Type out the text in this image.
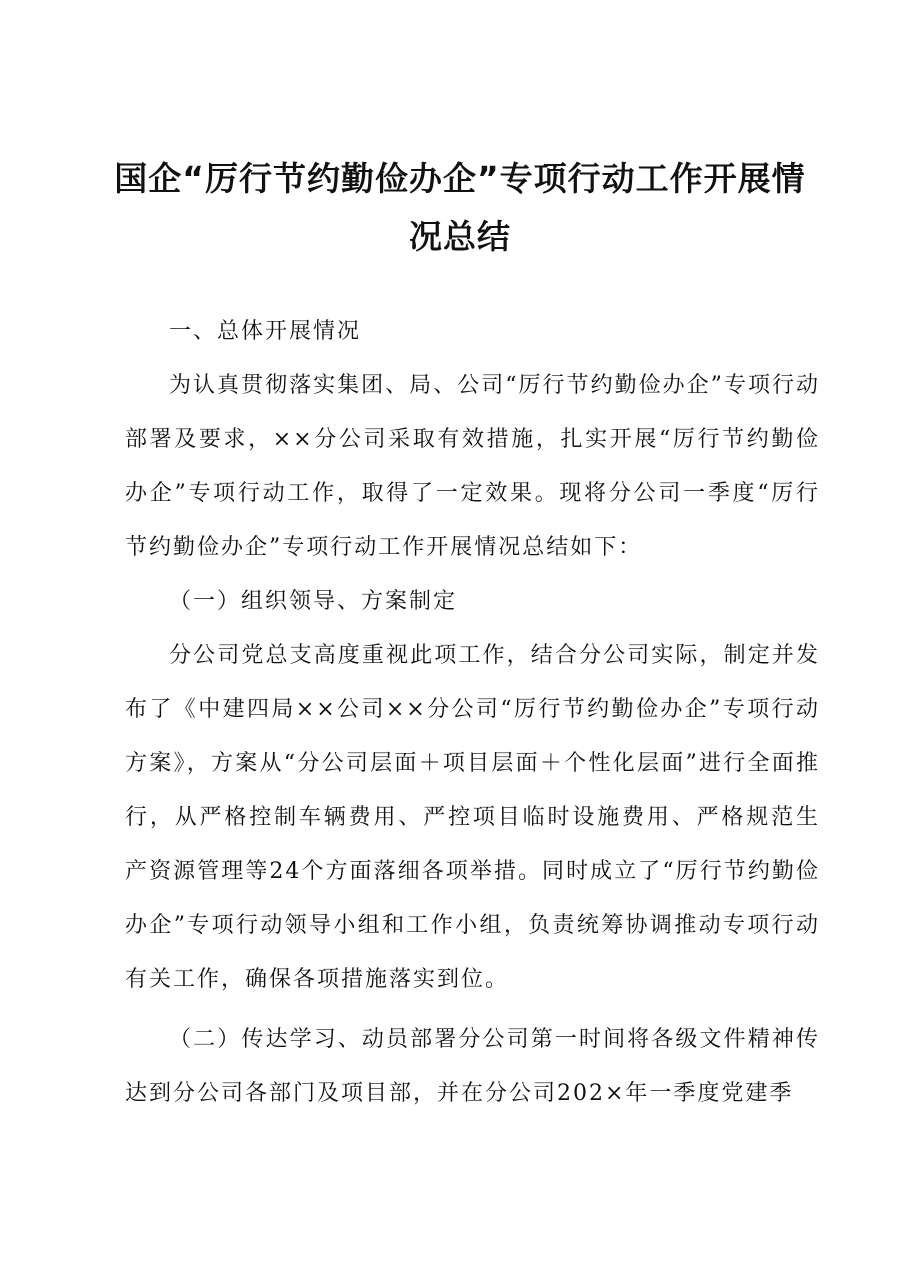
国企“厉行节约勤俭办企”专项行动工作开展情况总结

一、总体开展情况

为认真贯彻落实集团、局、公司“厉行节约勤俭办企”专项行动部署及要求，××分公司采取有效措施，扎实开展“厉行节约勤俭办企”专项行动工作，取得了一定效果。现将分公司一季度“厉行节约勤俭办企”专项行动工作开展情况总结如下：

（一）组织领导、方案制定

分公司党总支高度重视此项工作，结合分公司实际，制定并发布了《中建四局××公司××分公司“厉行节约勤俭办企”专项行动方案》，方案从“分公司层面＋项目层面＋个性化层面”进行全面推行，从严格控制车辆费用、严控项目临时设施费用、严格规范生产资源管理等24个方面落细各项举措。同时成立了“厉行节约勤俭办企”专项行动领导小组和工作小组，负责统筹协调推动专项行动有关工作，确保各项措施落实到位。

（二）传达学习、动员部署分公司第一时间将各级文件精神传达到分公司各部门及项目部，并在分公司202×年一季度党建季
